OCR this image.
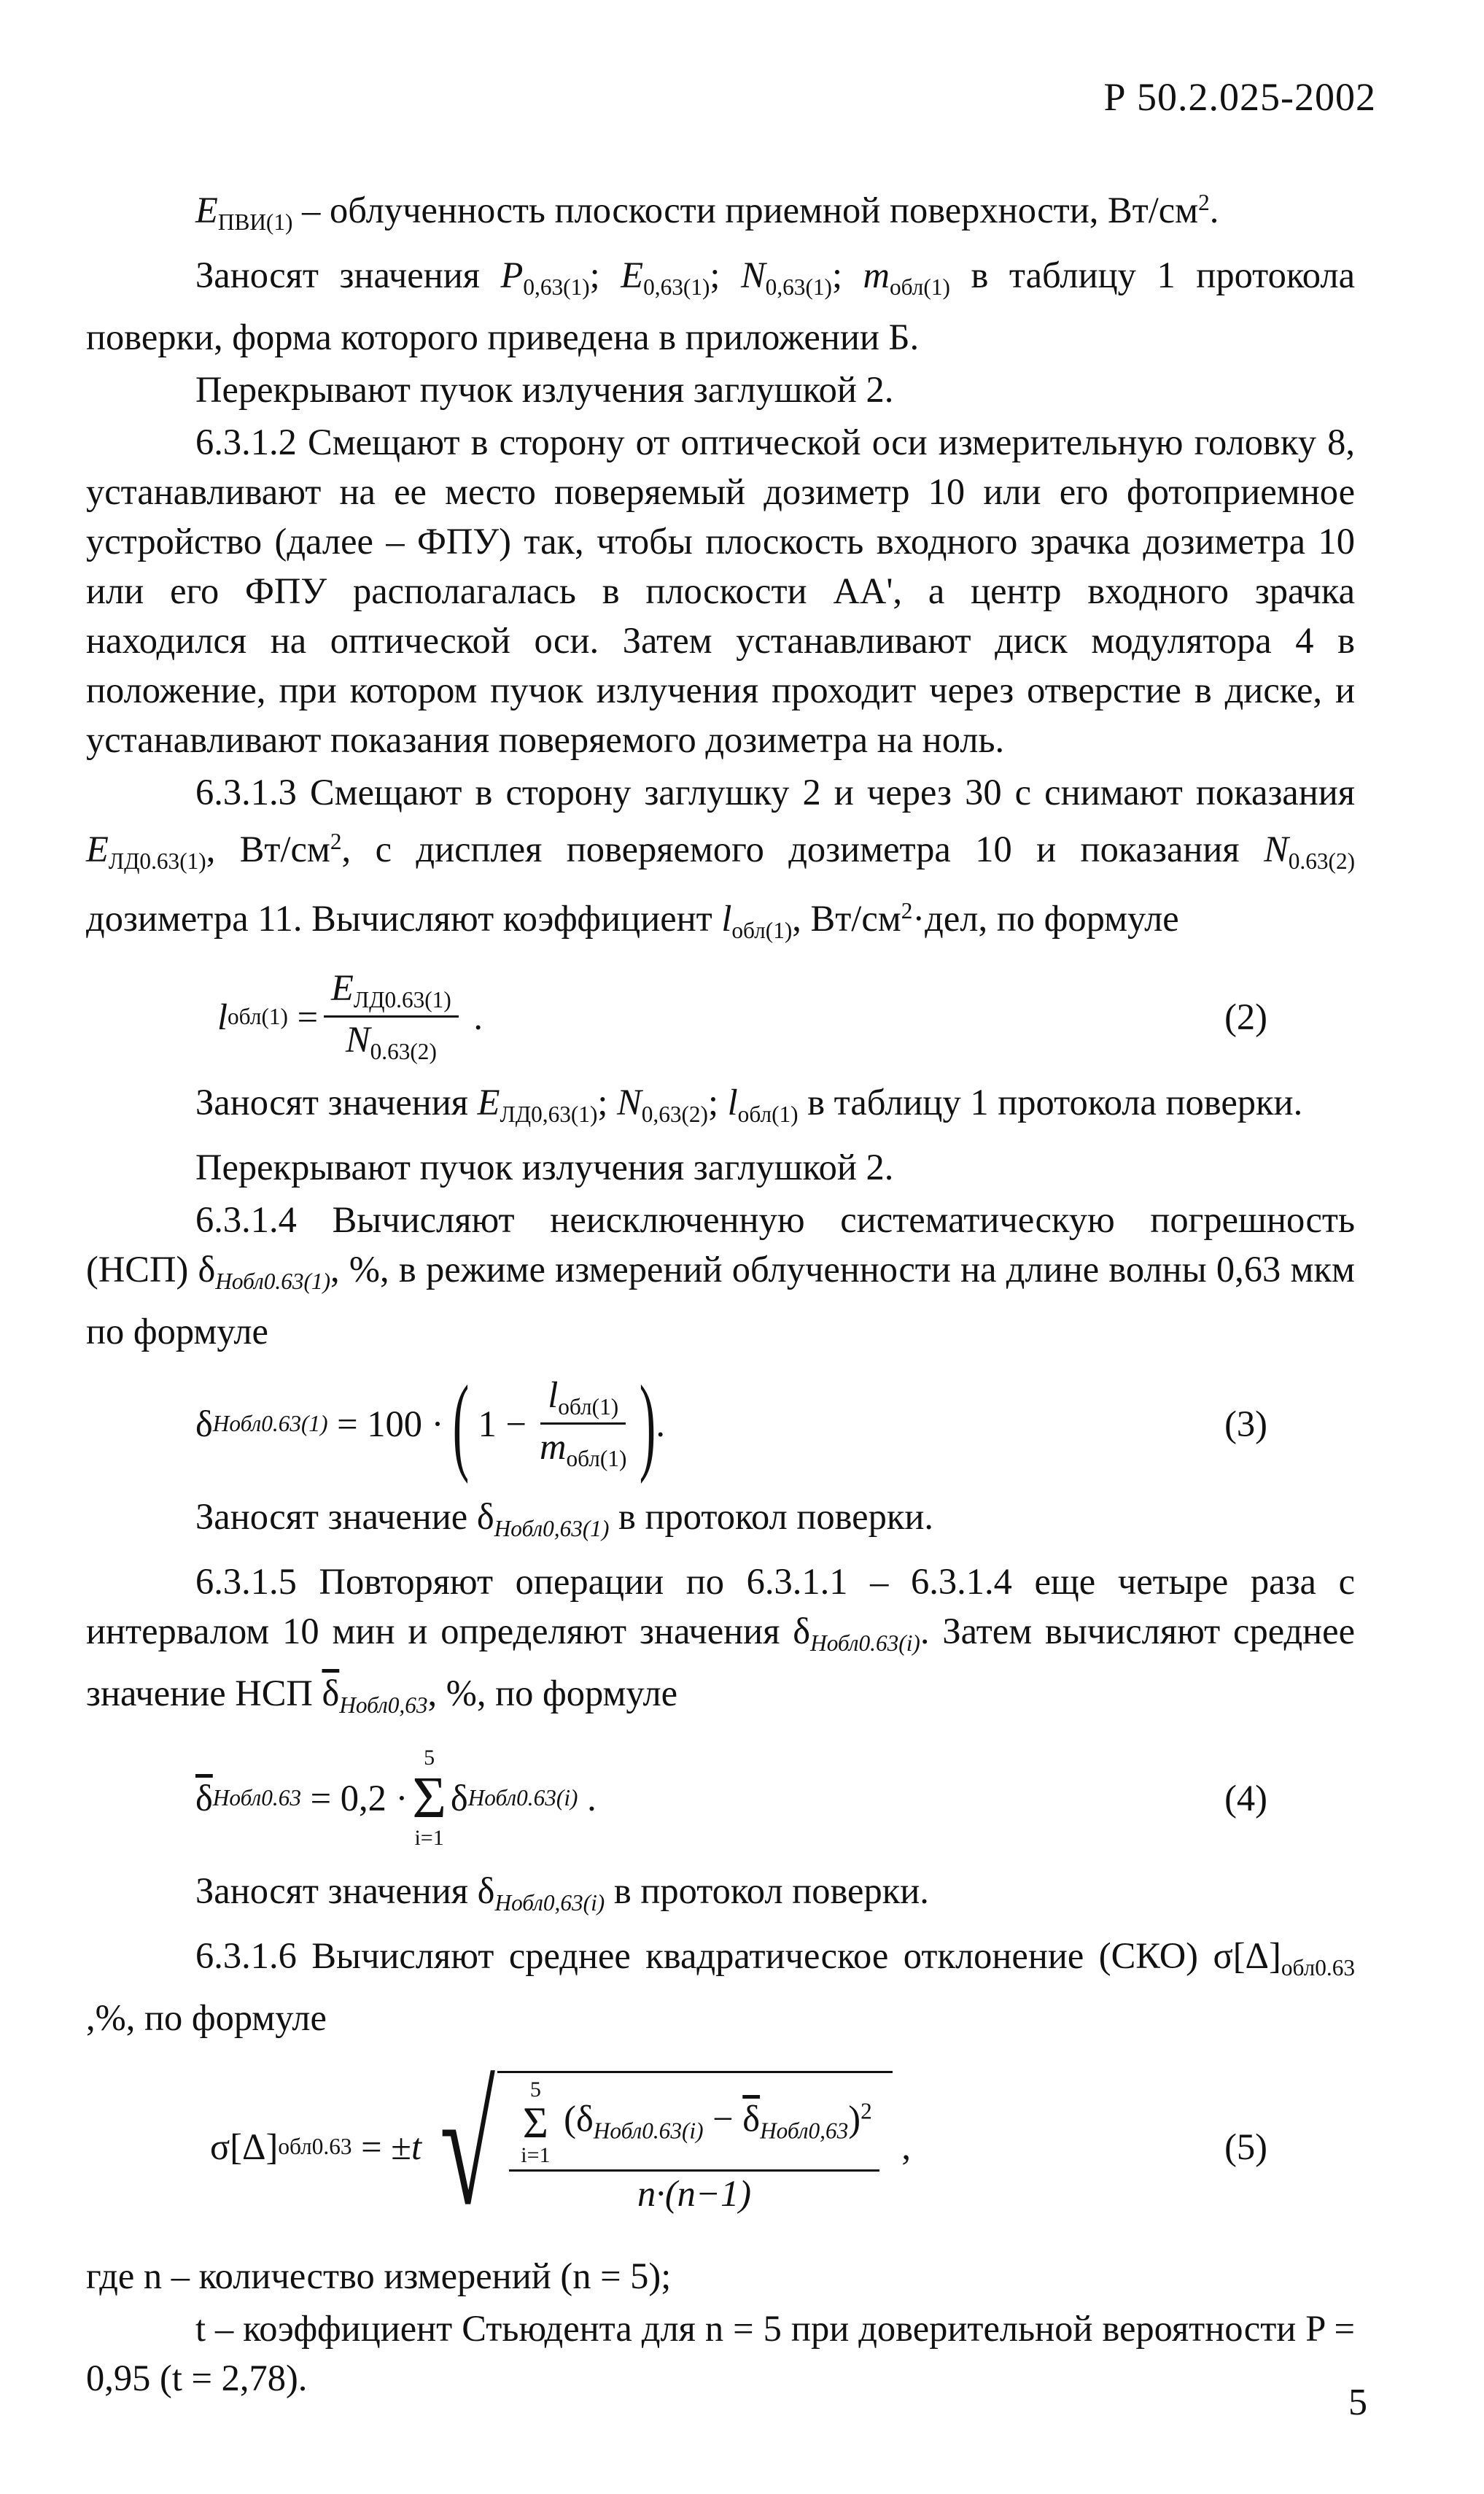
Р 50.2.025-2002

$E_{ПВИ(1)}$ – облученность плоскости приемной поверхности, $Вт/см^2$.

Заносят значения $P_{0,63(1)}$; $E_{0,63(1)}$; $N_{0,63(1)}$; $m_{обл(1)}$ в таблицу 1 протокола поверки, форма которого приведена в приложении Б.

Перекрывают пучок излучения заглушкой 2.

6.3.1.2 Смещают в сторону от оптической оси измерительную головку 8, устанавливают на ее место поверяемый дозиметр 10 или его фотоприемное устройство (далее – ФПУ) так, чтобы плоскость входного зрачка дозиметра 10 или его ФПУ располагалась в плоскости АА', а центр входного зрачка находился на оптической оси. Затем устанавливают диск модулятора 4 в положение, при котором пучок излучения проходит через отверстие в диске, и устанавливают показания поверяемого дозиметра на ноль.

6.3.1.3 Смещают в сторону заглушку 2 и через 30 с снимают показания $E_{ЛД0.63(1)}$, $Вт/см^2$, с дисплея поверяемого дозиметра 10 и показания $N_{0.63(2)}$ дозиметра 11. Вычисляют коэффициент $l_{обл(1)}$, $Вт/см^2\cdot дел$, по формуле

l $обл(1) = \frac{E_{ЛД0.63(1)}}{N_{0.63(2)}}$ .	(2)

Заносят значения $E_{ЛД0,63(1)}$; $N_{0,63(2)}$; $l_{обл(1)}$ в таблицу 1 протокола поверки.

Перекрывают пучок излучения заглушкой 2.

6.3.1.4 Вычисляют неисключенную систематическую погрешность (НСП) δНобл0.63(1), %, в режиме измерений облученности на длине волны 0,63 мкм по формуле

δ Нобл0.63(1) = 100 · (
$1 - \frac{l_{обл(1)}}{m_{обл(1)}}$ ) .	(3)

Заносят значение δНобл0,63(1) в протокол поверки.

6.3.1.5 Повторяют операции по 6.3.1.1 – 6.3.1.4 еще четыре раза с интервалом 10 мин и определяют значения δНобл0.63(i). Затем вычисляют среднее значение НСП $\overline{\delta}Нобл0,63$, %, по формуле

$\overline{\delta}$ Нобл0.63 = 0,2 ·
5
Σ
i=1
δ Нобл0.63(i) .	(4)

Заносят значения δНобл0,63(i) в протокол поверки.

6.3.1.6 Вычисляют среднее квадратическое отклонение (СКО) $\sigma[\Delta]_{обл0.63}$ ,%, по формуле

σ[Δ] обл0.63 = ± t √ 5
Σ
i=1
(δНобл0.63(i) − $\overline{\delta}Нобл0,63)^2$
n·(n−1) ,	(5)

где n – количество измерений (n = 5);

t – коэффициент Стьюдента для n = 5 при доверительной вероятности P = 0,95 (t = 2,78).

5
